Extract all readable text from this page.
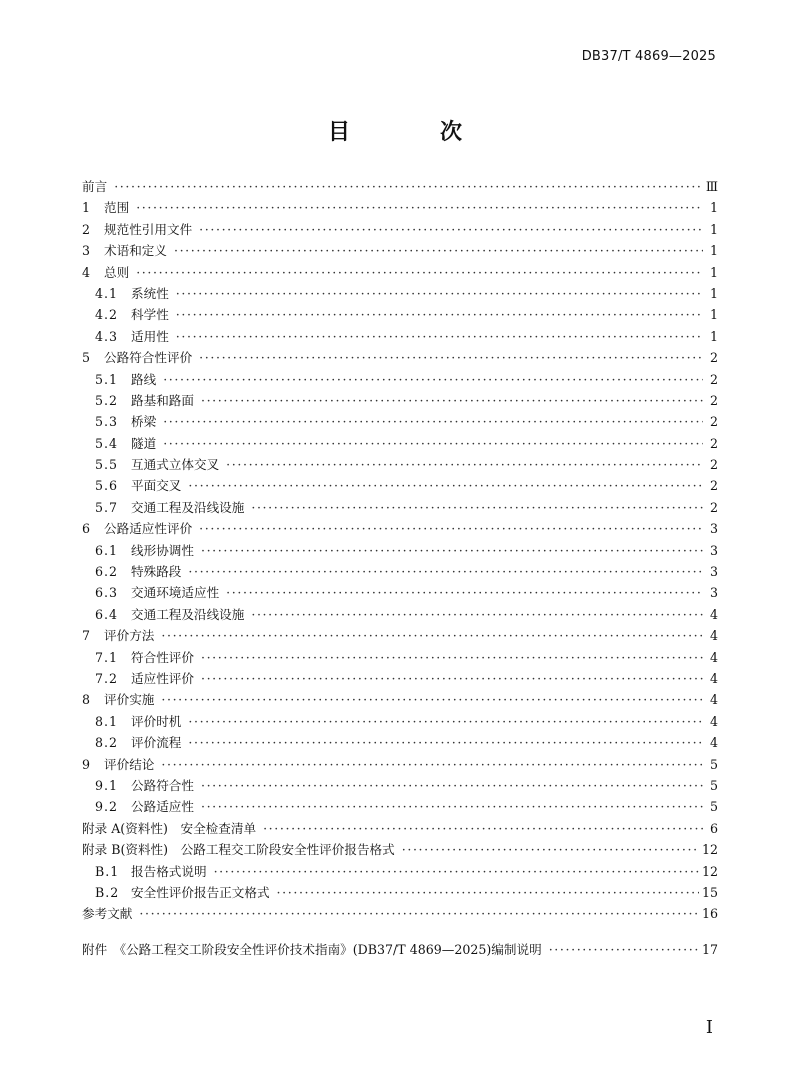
DB37/T 4869—2025
目　次
前言 ·····	Ⅲ
1	范围 ·····	1
2	规范性引用文件 ·····	1
3	术语和定义 ·····	1
4	总则 ·····	1
4.1	系统性 ·····	1
4.2	科学性 ·····	1
4.3	适用性 ·····	1
5	公路符合性评价 ·····	2
5.1	路线 ·····	2
5.2	路基和路面 ·····	2
5.3	桥梁 ·····	2
5.4	隧道 ·····	2
5.5	互通式立体交叉 ·····	2
5.6	平面交叉 ·····	2
5.7	交通工程及沿线设施 ·····	2
6	公路适应性评价 ·····	3
6.1	线形协调性 ·····	3
6.2	特殊路段 ·····	3
6.3	交通环境适应性 ·····	3
6.4	交通工程及沿线设施 ·····	4
7	评价方法 ·····	4
7.1	符合性评价 ·····	4
7.2	适应性评价 ·····	4
8	评价实施 ·····	4
8.1	评价时机 ·····	4
8.2	评价流程 ·····	4
9	评价结论 ·····	5
9.1	公路符合性 ·····	5
9.2	公路适应性 ·····	5
附录 A(资料性)　安全检查清单 ·····	6
附录 B(资料性)　公路工程交工阶段安全性评价报告格式 ·····	12
B.1 报告格式说明 ·····	12
B.2 安全性评价报告正文格式 ·····	15
参考文献 ·····	16
附件　《公路工程交工阶段安全性评价技术指南》(DB37/T 4869—2025)编制说明 ·····	17
I
